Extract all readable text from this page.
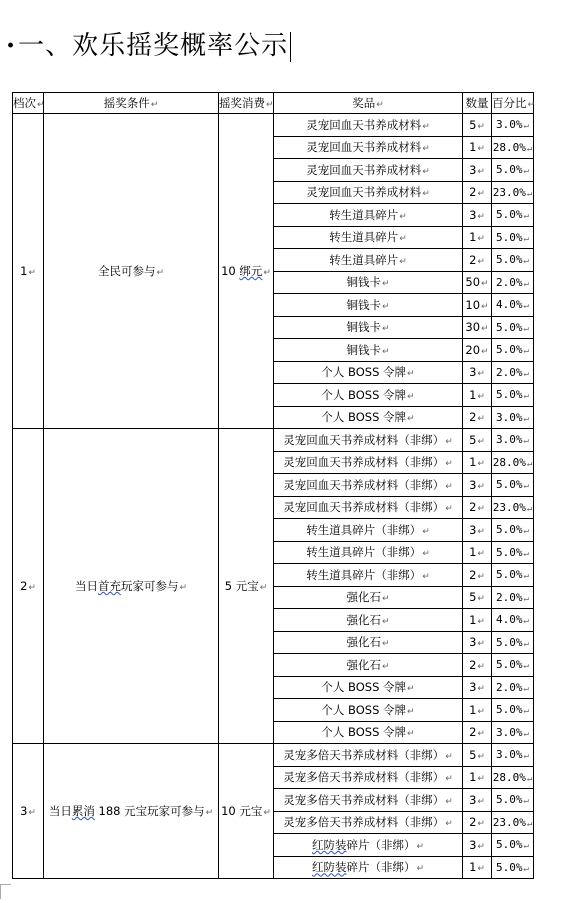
·一、欢乐摇奖概率公示
档次↵	摇奖条件↵	摇奖消费↵	奖品↵	数量	百分比↵
1↵	全民可参与↵	10 绑元↵	灵宠回血天书养成材料↵	5↵	3.0%↵
			灵宠回血天书养成材料↵	1↵	28.0%↵
			灵宠回血天书养成材料↵	3↵	5.0%↵
			灵宠回血天书养成材料↵	2↵	23.0%↵
			转生道具碎片↵	3↵	5.0%↵
			转生道具碎片↵	1↵	5.0%↵
			转生道具碎片↵	2↵	5.0%↵
			铜钱卡↵	50↵	2.0%↵
			铜钱卡↵	10↵	4.0%↵
			铜钱卡↵	30↵	5.0%↵
			铜钱卡↵	20↵	5.0%↵
			个人 BOSS 令牌↵	3↵	2.0%↵
			个人 BOSS 令牌↵	1↵	5.0%↵
			个人 BOSS 令牌↵	2↵	3.0%↵
2↵	当日首充玩家可参与↵	5 元宝↵	灵宠回血天书养成材料（非绑）↵	5↵	3.0%↵
			灵宠回血天书养成材料（非绑）↵	1↵	28.0%↵
			灵宠回血天书养成材料（非绑）↵	3↵	5.0%↵
			灵宠回血天书养成材料（非绑）↵	2↵	23.0%↵
			转生道具碎片（非绑）↵	3↵	5.0%↵
			转生道具碎片（非绑）↵	1↵	5.0%↵
			转生道具碎片（非绑）↵	2↵	5.0%↵
			强化石↵	5↵	2.0%↵
			强化石↵	1↵	4.0%↵
			强化石↵	3↵	5.0%↵
			强化石↵	2↵	5.0%↵
			个人 BOSS 令牌↵	3↵	2.0%↵
			个人 BOSS 令牌↵	1↵	5.0%↵
			个人 BOSS 令牌↵	2↵	3.0%↵
3↵	当日累消 188 元宝玩家可参与↵	10 元宝↵	灵宠多倍天书养成材料（非绑）↵	5↵	3.0%↵
			灵宠多倍天书养成材料（非绑）↵	1↵	28.0%↵
			灵宠多倍天书养成材料（非绑）↵	3↵	5.0%↵
			灵宠多倍天书养成材料（非绑）↵	2↵	23.0%↵
			红防装碎片（非绑）↵	3↵	5.0%↵
			红防装碎片（非绑）↵	1↵	5.0%↵
